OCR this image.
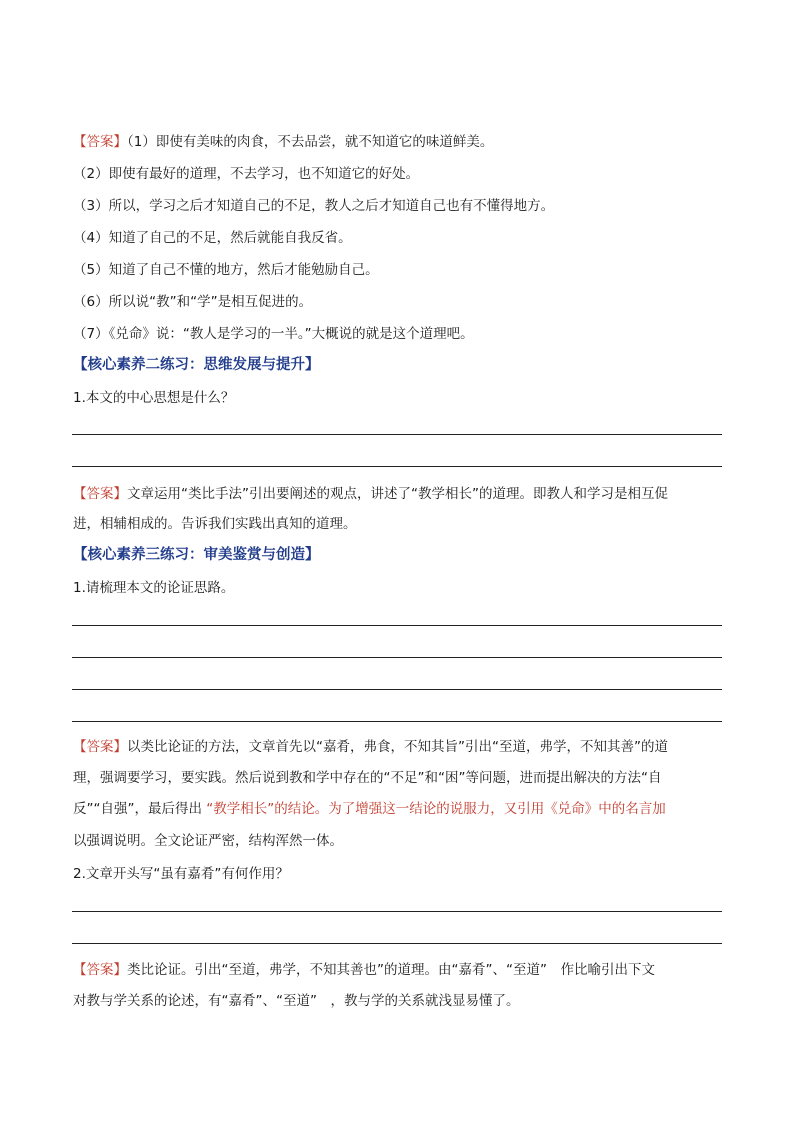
【答案】（1）即使有美味的肉食，不去品尝，就不知道它的味道鲜美。
（2）即使有最好的道理，不去学习，也不知道它的好处。
（3）所以，学习之后才知道自己的不足，教人之后才知道自己也有不懂得地方。
（4）知道了自己的不足，然后就能自我反省。
（5）知道了自己不懂的地方，然后才能勉励自己。
（6）所以说“教”和“学”是相互促进的。
（7）《兑命》说：“教人是学习的一半。”大概说的就是这个道理吧。
【核心素养二练习：思维发展与提升】
1.本文的中心思想是什么？
【答案】文章运用“类比手法”引出要阐述的观点，讲述了“教学相长”的道理。即教人和学习是相互促
进，相辅相成的。告诉我们实践出真知的道理。
【核心素养三练习：审美鉴赏与创造】
1.请梳理本文的论证思路。
【答案】以类比论证的方法，文章首先以“嘉肴，弗食，不知其旨”引出“至道，弗学，不知其善”的道
理，强调要学习，要实践。然后说到教和学中存在的“不足”和“困”等问题，进而提出解决的方法“自
反”“自强”，最后得出 “教学相长”的结论。为了增强这一结论的说服力，又引用《兑命》中的名言加
以强调说明。全文论证严密，结构浑然一体。
2.文章开头写“虽有嘉肴”有何作用？
【答案】类比论证。引出“至道，弗学，不知其善也”的道理。由“嘉肴”、“至道”　作比喻引出下文
对教与学关系的论述，有“嘉肴”、“至道”　，教与学的关系就浅显易懂了。
